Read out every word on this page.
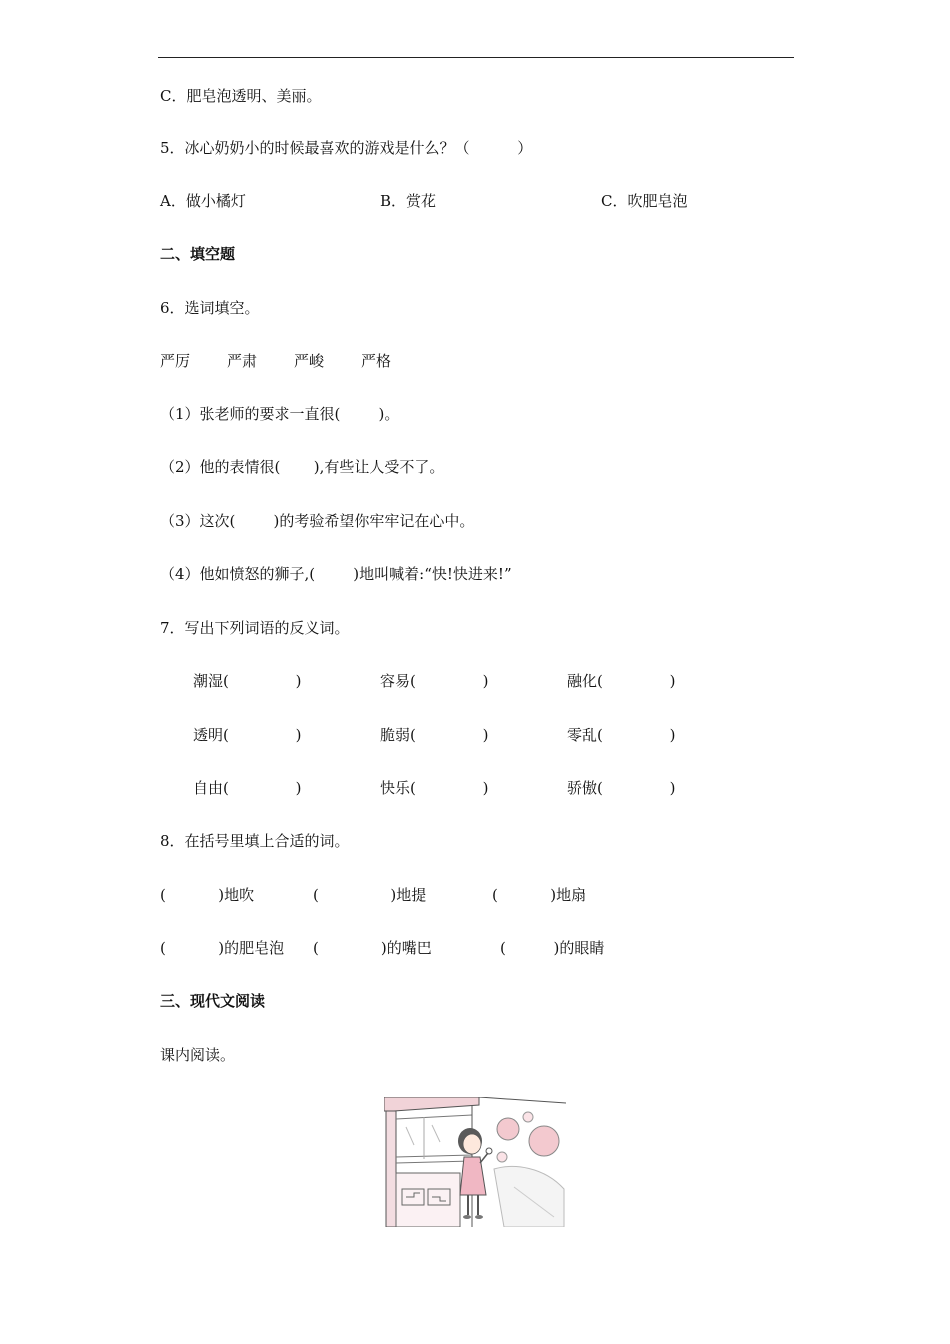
C．肥皂泡透明、美丽。
5．冰心奶奶小的时候最喜欢的游戏是什么？（          ）
A．做小橘灯	B．赏花	C．吹肥皂泡
二、填空题
6．选词填空。
严厉 严肃 严峻 严格
（1）张老师的要求一直很(        )。
（2）他的表情很(       ),有些让人受不了。
（3）这次(        )的考验希望你牢牢记在心中。
（4）他如愤怒的狮子,(        )地叫喊着:“快!快进来!”
7．写出下列词语的反义词。
潮湿(              )	容易(              )	融化(              )
透明(              )	脆弱(              )	零乱(              )
自由(              )	快乐(              )	骄傲(              )
8．在括号里填上合适的词。
(           )地吹	(               )地提	(           )地扇
(           )的肥皂泡 (             )的嘴巴	(          )的眼睛
三、现代文阅读
课内阅读。
